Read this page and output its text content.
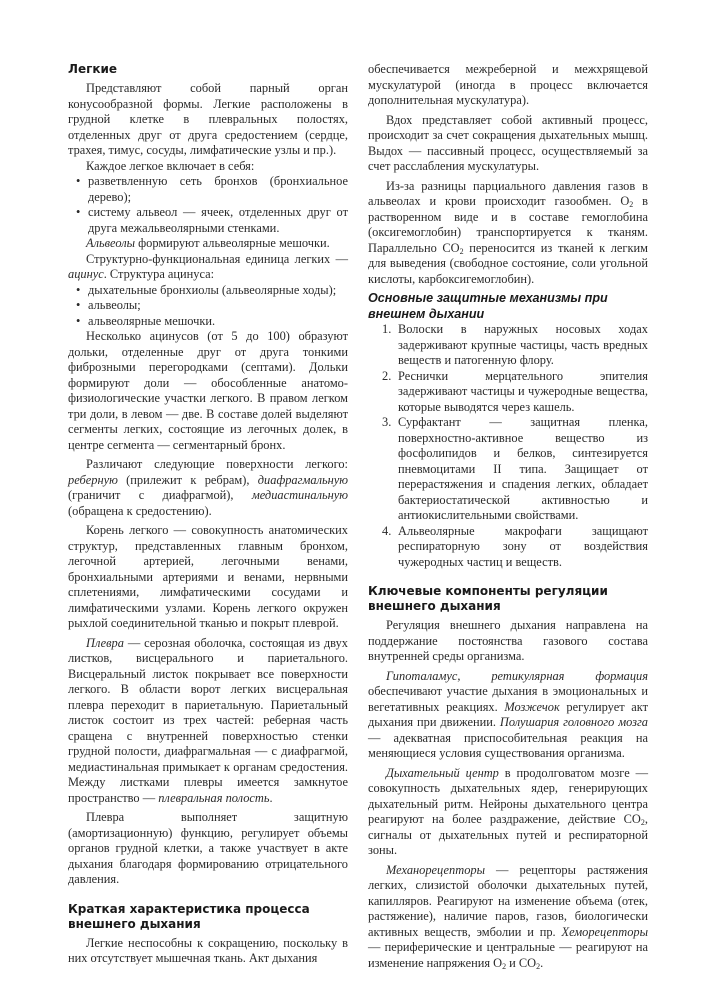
Легкие

Представляют собой парный орган конусообразной формы. Легкие расположены в грудной клетке в плевральных полостях, отделенных друг от друга средостением (сердце, трахея, тимус, сосуды, лимфатические узлы и пр.).

Каждое легкое включает в себя:

• разветвленную сеть бронхов (бронхиальное дерево);
• систему альвеол — ячеек, отделенных друг от друга межальвеолярными стенками.

Альвеолы формируют альвеолярные мешочки.

Структурно-функциональная единица легких — ацинус. Структура ацинуса:

• дыхательные бронхиолы (альвеолярные ходы);
• альвеолы;
• альвеолярные мешочки.

Несколько ацинусов (от 5 до 100) образуют дольки, отделенные друг от друга тонкими фиброзными перегородками (септами). Дольки формируют доли — обособленные анатомо-физиологические участки легкого. В правом легком три доли, в левом — две. В составе долей выделяют сегменты легких, состоящие из легочных долек, в центре сегмента — сегментарный бронх.

Различают следующие поверхности легкого: реберную (прилежит к ребрам), диафрагмальную (граничит с диафрагмой), медиастинальную (обращена к средостению).

Корень легкого — совокупность анатомических структур, представленных главным бронхом, легочной артерией, легочными венами, бронхиальными артериями и венами, нервными сплетениями, лимфатическими сосудами и лимфатическими узлами. Корень легкого окружен рыхлой соединительной тканью и покрыт плеврой.

Плевра — серозная оболочка, состоящая из двух листков, висцерального и париетального. Висцеральный листок покрывает все поверхности легкого. В области ворот легких висцеральная плевра переходит в париетальную. Париетальный листок состоит из трех частей: реберная часть сращена с внутренней поверхностью стенки грудной полости, диафрагмальная — с диафрагмой, медиастинальная примыкает к органам средостения. Между листками плевры имеется замкнутое пространство — плевральная полость.

Плевра выполняет защитную (амортизационную) функцию, регулирует объемы органов грудной клетки, а также участвует в акте дыхания благодаря формированию отрицательного давления.

Краткая характеристика процесса внешнего дыхания

Легкие неспособны к сокращению, поскольку в них отсутствует мышечная ткань. Акт дыхания

обеспечивается межреберной и межхрящевой мускулатурой (иногда в процесс включается дополнительная мускулатура).

Вдох представляет собой активный процесс, происходит за счет сокращения дыхательных мышц. Выдох — пассивный процесс, осуществляемый за счет расслабления мускулатуры.

Из-за разницы парциального давления газов в альвеолах и крови происходит газообмен. $O_2$ в растворенном виде и в составе гемоглобина (оксигемоглобин) транспортируется к тканям. Параллельно $CO_2$ переносится из тканей к легким для выведения (свободное состояние, соли угольной кислоты, карбоксигемоглобин).

Основные защитные механизмы при внешнем дыхании
1. Волоски в наружных носовых ходах задерживают крупные частицы, часть вредных веществ и патогенную флору.
2. Реснички мерцательного эпителия задерживают частицы и чужеродные вещества, которые выводятся через кашель.
3. Сурфактант — защитная пленка, поверхностно-активное вещество из фосфолипидов и белков, синтезируется пневмоцитами II типа. Защищает от перерастяжения и спадения легких, обладает бактериостатической активностью и антиокислительными свойствами.
4. Альвеолярные макрофаги защищают респираторную зону от воздействия чужеродных частиц и веществ.
Ключевые компоненты регуляции внешнего дыхания

Регуляция внешнего дыхания направлена на поддержание постоянства газового состава внутренней среды организма.

Гипоталамус, ретикулярная формация обеспечивают участие дыхания в эмоциональных и вегетативных реакциях. Мозжечок регулирует акт дыхания при движении. Полушария головного мозга — адекватная приспособительная реакция на меняющиеся условия существования организма.

Дыхательный центр в продолговатом мозге — совокупность дыхательных ядер, генерирующих дыхательный ритм. Нейроны дыхательного центра реагируют на более раздражение, действие $CO_2$, сигналы от дыхательных путей и респираторной зоны.

Механорецепторы — рецепторы растяжения легких, слизистой оболочки дыхательных путей, капилляров. Реагируют на изменение объема (отек, растяжение), наличие паров, газов, биологически активных веществ, эмболии и пр. Хеморецепторы — периферические и центральные — реагируют на изменение напряжения $O_2$ и $CO_2$.
